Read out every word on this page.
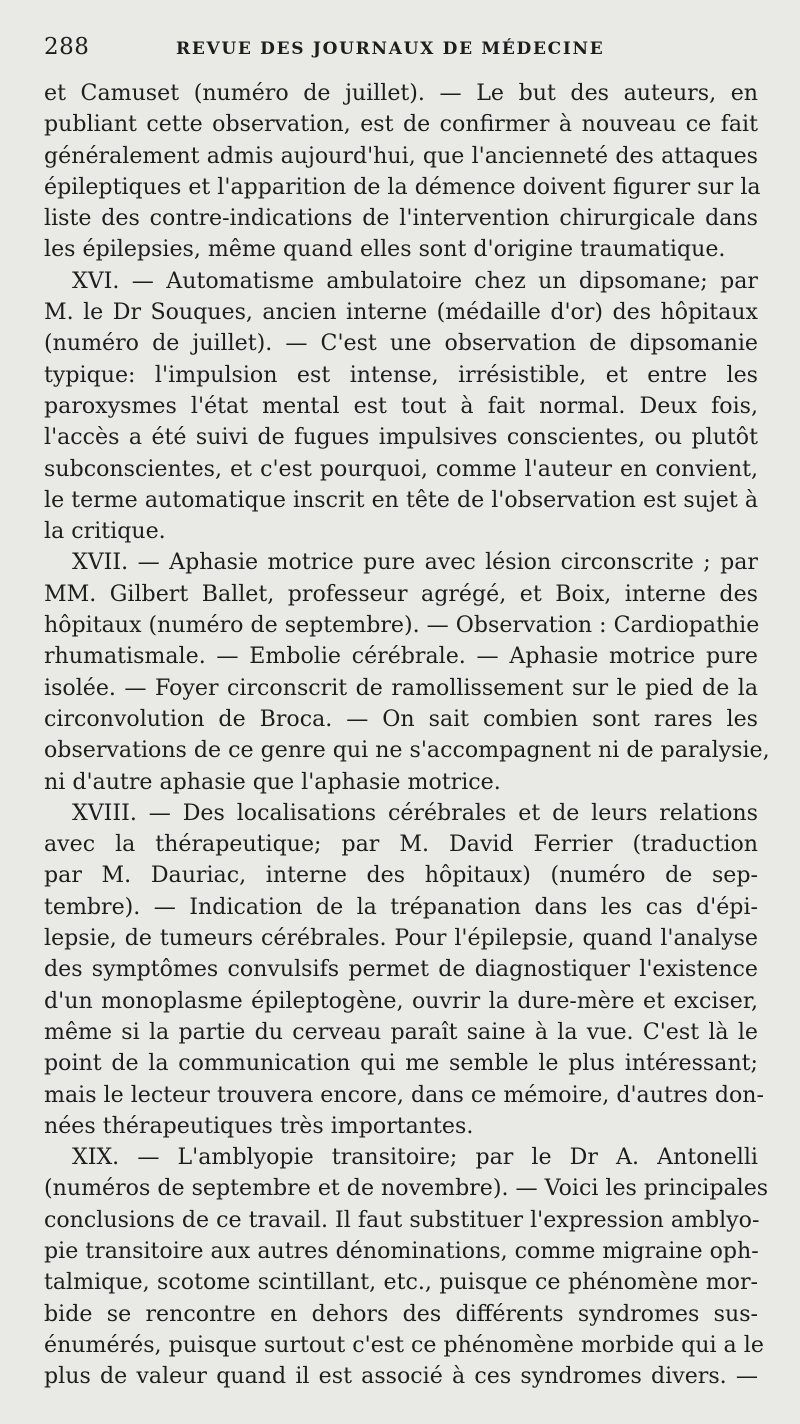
288	REVUE DES JOURNAUX DE MÉDECINE

et Camuset (numéro de juillet). — Le but des auteurs, en
publiant cette observation, est de confirmer à nouveau ce fait
généralement admis aujourd'hui, que l'ancienneté des attaques
épileptiques et l'apparition de la démence doivent figurer sur la
liste des contre-indications de l'intervention chirurgicale dans
les épilepsies, même quand elles sont d'origine traumatique.

XVI. — Automatisme ambulatoire chez un dipsomane; par
M. le Dr Souques, ancien interne (médaille d'or) des hôpitaux
(numéro de juillet). — C'est une observation de dipsomanie
typique: l'impulsion est intense, irrésistible, et entre les
paroxysmes l'état mental est tout à fait normal. Deux fois,
l'accès a été suivi de fugues impulsives conscientes, ou plutôt
subconscientes, et c'est pourquoi, comme l'auteur en convient,
le terme automatique inscrit en tête de l'observation est sujet à
la critique.

XVII. — Aphasie motrice pure avec lésion circonscrite ; par
MM. Gilbert Ballet, professeur agrégé, et Boix, interne des
hôpitaux (numéro de septembre). — Observation : Cardiopathie
rhumatismale. — Embolie cérébrale. — Aphasie motrice pure
isolée. — Foyer circonscrit de ramollissement sur le pied de la
circonvolution de Broca. — On sait combien sont rares les
observations de ce genre qui ne s'accompagnent ni de paralysie,
ni d'autre aphasie que l'aphasie motrice.

XVIII. — Des localisations cérébrales et de leurs relations
avec la thérapeutique; par M. David Ferrier (traduction
par M. Dauriac, interne des hôpitaux) (numéro de sep-
tembre). — Indication de la trépanation dans les cas d'épi-
lepsie, de tumeurs cérébrales. Pour l'épilepsie, quand l'analyse
des symptômes convulsifs permet de diagnostiquer l'existence
d'un monoplasme épileptogène, ouvrir la dure-mère et exciser,
même si la partie du cerveau paraît saine à la vue. C'est là le
point de la communication qui me semble le plus intéressant;
mais le lecteur trouvera encore, dans ce mémoire, d'autres don-
nées thérapeutiques très importantes.

XIX. — L'amblyopie transitoire; par le Dr A. Antonelli
(numéros de septembre et de novembre). — Voici les principales
conclusions de ce travail. Il faut substituer l'expression amblyo-
pie transitoire aux autres dénominations, comme migraine oph-
talmique, scotome scintillant, etc., puisque ce phénomène mor-
bide se rencontre en dehors des différents syndromes sus-
énumérés, puisque surtout c'est ce phénomène morbide qui a le
plus de valeur quand il est associé à ces syndromes divers. —
